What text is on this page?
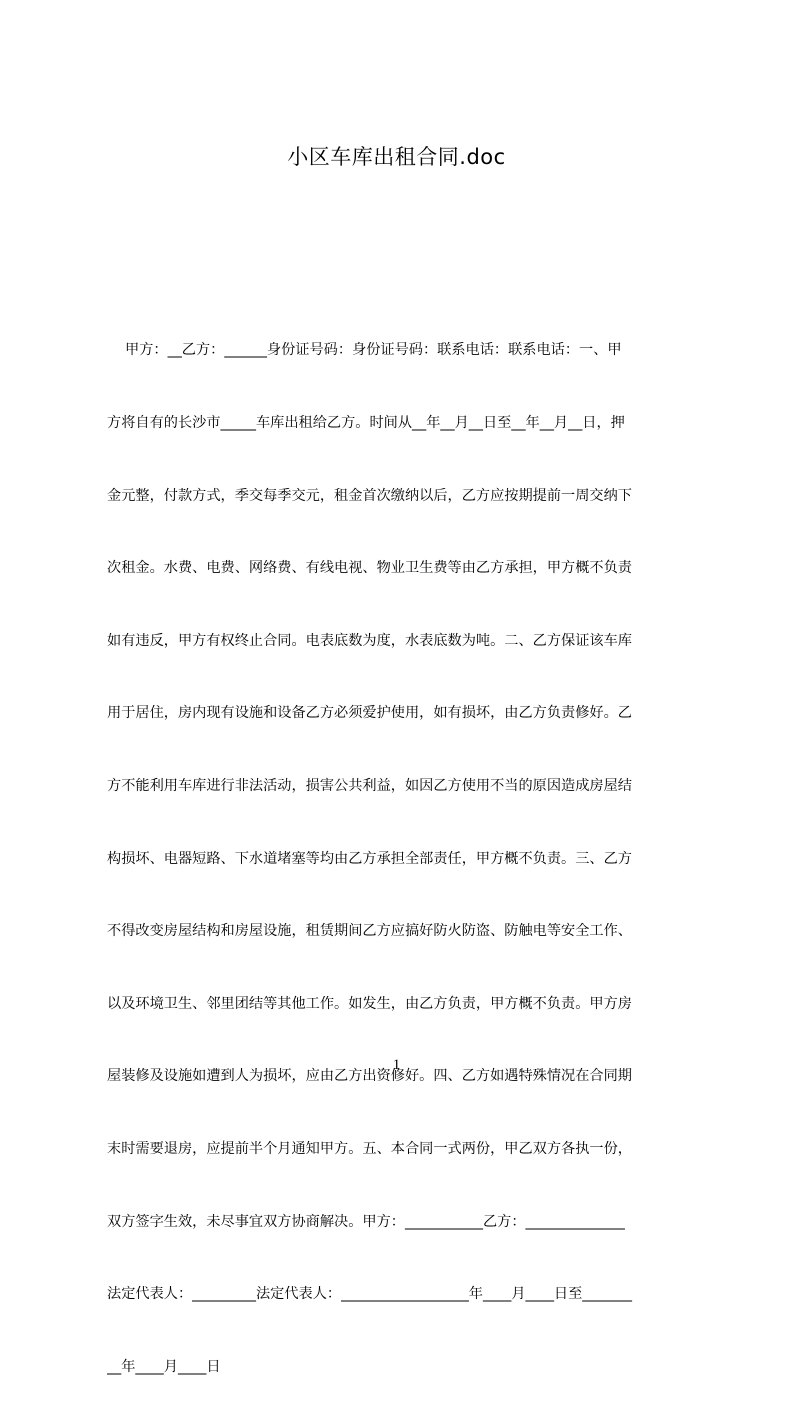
小区车库出租合同.doc

甲方：__乙方：______身份证号码：身份证号码：联系电话：联系电话：一、甲

方将自有的长沙市_____车库出租给乙方。时间从__年__月__日至__年__月__日，押

金元整，付款方式，季交每季交元，租金首次缴纳以后，乙方应按期提前一周交纳下

次租金。水费、电费、网络费、有线电视、物业卫生费等由乙方承担，甲方概不负责

如有违反，甲方有权终止合同。电表底数为度，水表底数为吨。二、乙方保证该车库

用于居住，房内现有设施和设备乙方必须爱护使用，如有损坏，由乙方负责修好。乙

方不能利用车库进行非法活动，损害公共利益，如因乙方使用不当的原因造成房屋结

构损坏、电器短路、下水道堵塞等均由乙方承担全部责任，甲方概不负责。三、乙方

不得改变房屋结构和房屋设施，租赁期间乙方应搞好防火防盗、防触电等安全工作、

以及环境卫生、邻里团结等其他工作。如发生，由乙方负责，甲方概不负责。甲方房

屋装修及设施如遭到人为损坏，应由乙方出资修好。四、乙方如遇特殊情况在合同期

末时需要退房，应提前半个月通知甲方。五、本合同一式两份，甲乙双方各执一份，

双方签字生效，未尽事宜双方协商解决。甲方：___________乙方：______________

法定代表人：_________法定代表人：__________________年____月____日至_______

__年____月____日

1
